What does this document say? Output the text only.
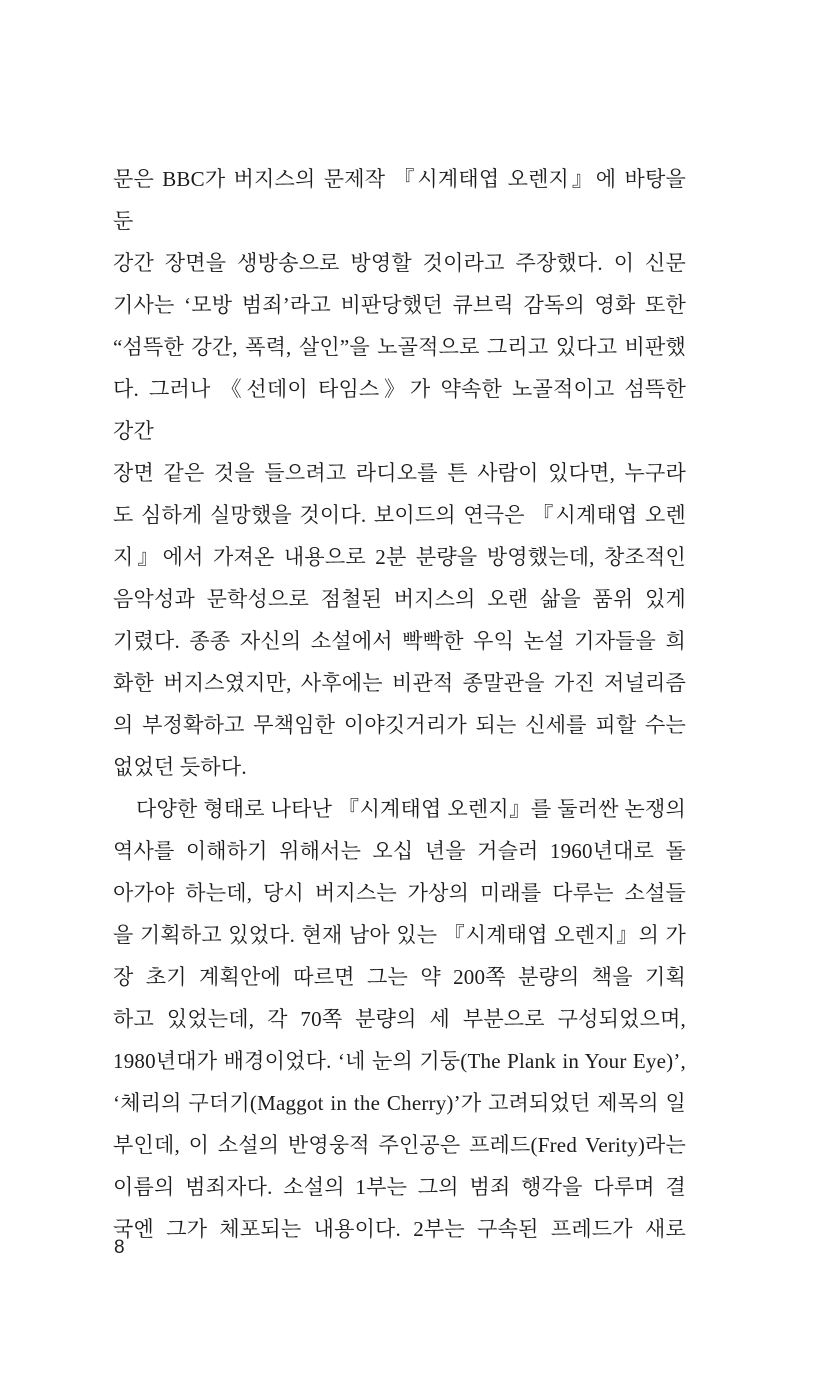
문은 BBC가 버지스의 문제작 『시계태엽 오렌지』에 바탕을 둔
강간 장면을 생방송으로 방영할 것이라고 주장했다. 이 신문
기사는 ‘모방 범죄’라고 비판당했던 큐브릭 감독의 영화 또한
“섬뜩한 강간, 폭력, 살인”을 노골적으로 그리고 있다고 비판했
다. 그러나 《선데이 타임스》가 약속한 노골적이고 섬뜩한 강간
장면 같은 것을 들으려고 라디오를 튼 사람이 있다면, 누구라
도 심하게 실망했을 것이다. 보이드의 연극은 『시계태엽 오렌
지』에서 가져온 내용으로 2분 분량을 방영했는데, 창조적인
음악성과 문학성으로 점철된 버지스의 오랜 삶을 품위 있게
기렸다. 종종 자신의 소설에서 빡빡한 우익 논설 기자들을 희
화한 버지스였지만, 사후에는 비관적 종말관을 가진 저널리즘
의 부정확하고 무책임한 이야깃거리가 되는 신세를 피할 수는
없었던 듯하다.
다양한 형태로 나타난 『시계태엽 오렌지』를 둘러싼 논쟁의
역사를 이해하기 위해서는 오십 년을 거슬러 1960년대로 돌
아가야 하는데, 당시 버지스는 가상의 미래를 다루는 소설들
을 기획하고 있었다. 현재 남아 있는 『시계태엽 오렌지』의 가
장 초기 계획안에 따르면 그는 약 200쪽 분량의 책을 기획
하고 있었는데, 각 70쪽 분량의 세 부분으로 구성되었으며,
1980년대가 배경이었다. ‘네 눈의 기둥(The Plank in Your Eye)’,
‘체리의 구더기(Maggot in the Cherry)’가 고려되었던 제목의 일
부인데, 이 소설의 반영웅적 주인공은 프레드(Fred Verity)라는
이름의 범죄자다. 소설의 1부는 그의 범죄 행각을 다루며 결
국엔 그가 체포되는 내용이다. 2부는 구속된 프레드가 새로
8
